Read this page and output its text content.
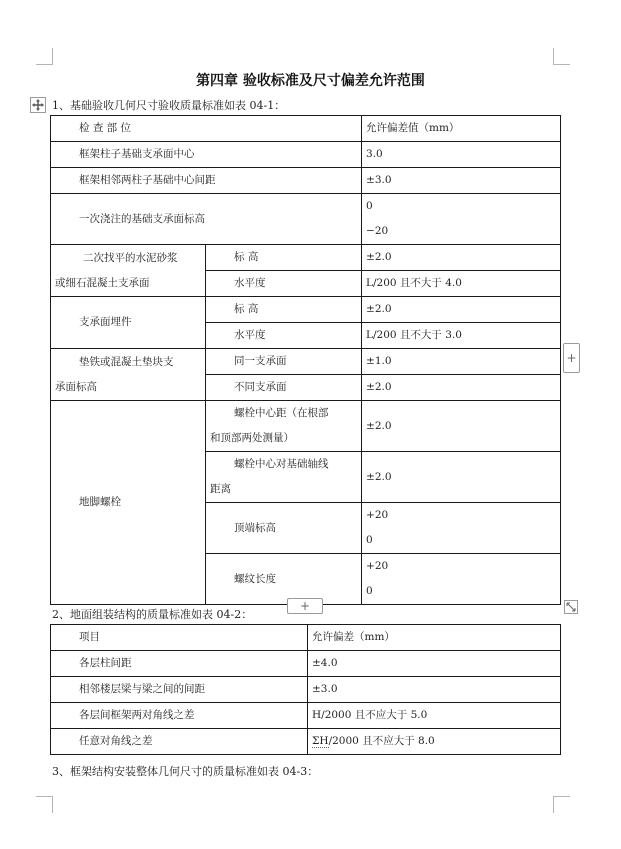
第四章 验收标准及尺寸偏差允许范围
1、基础验收几何尺寸验收质量标准如表 04-1：
检 查 部 位		允许偏差值（mm）
框架柱子基础支承面中心		3.0
框架相邻两柱子基础中心间距		±3.0
一次浇注的基础支承面标高		0
−20

二次找平的水泥砂浆
或细石混凝土支承面	标 高	±2.0
	水平度	L/200 且不大于 4.0
支承面埋件	标 高	±2.0
	水平度	L/200 且不大于 3.0

垫铁或混凝土垫块支
承面标高	同一支承面	±1.0
	不同支承面	±2.0
地脚螺栓	螺栓中心距（在根部
和顶部两处测量）	±2.0

	螺栓中心对基础轴线
距离	±2.0
	顶端标高	+20
0

	螺纹长度	+20
0
+
+
2、地面组装结构的质量标准如表 04-2：
项目	允许偏差（mm）
各层柱间距	±4.0
相邻楼层梁与梁之间的间距	±3.0
各层间框架两对角线之差	H/2000 且不应大于 5.0
任意对角线之差	ΣH/2000 且不应大于 8.0
3、框架结构安装整体几何尺寸的质量标准如表 04-3：
